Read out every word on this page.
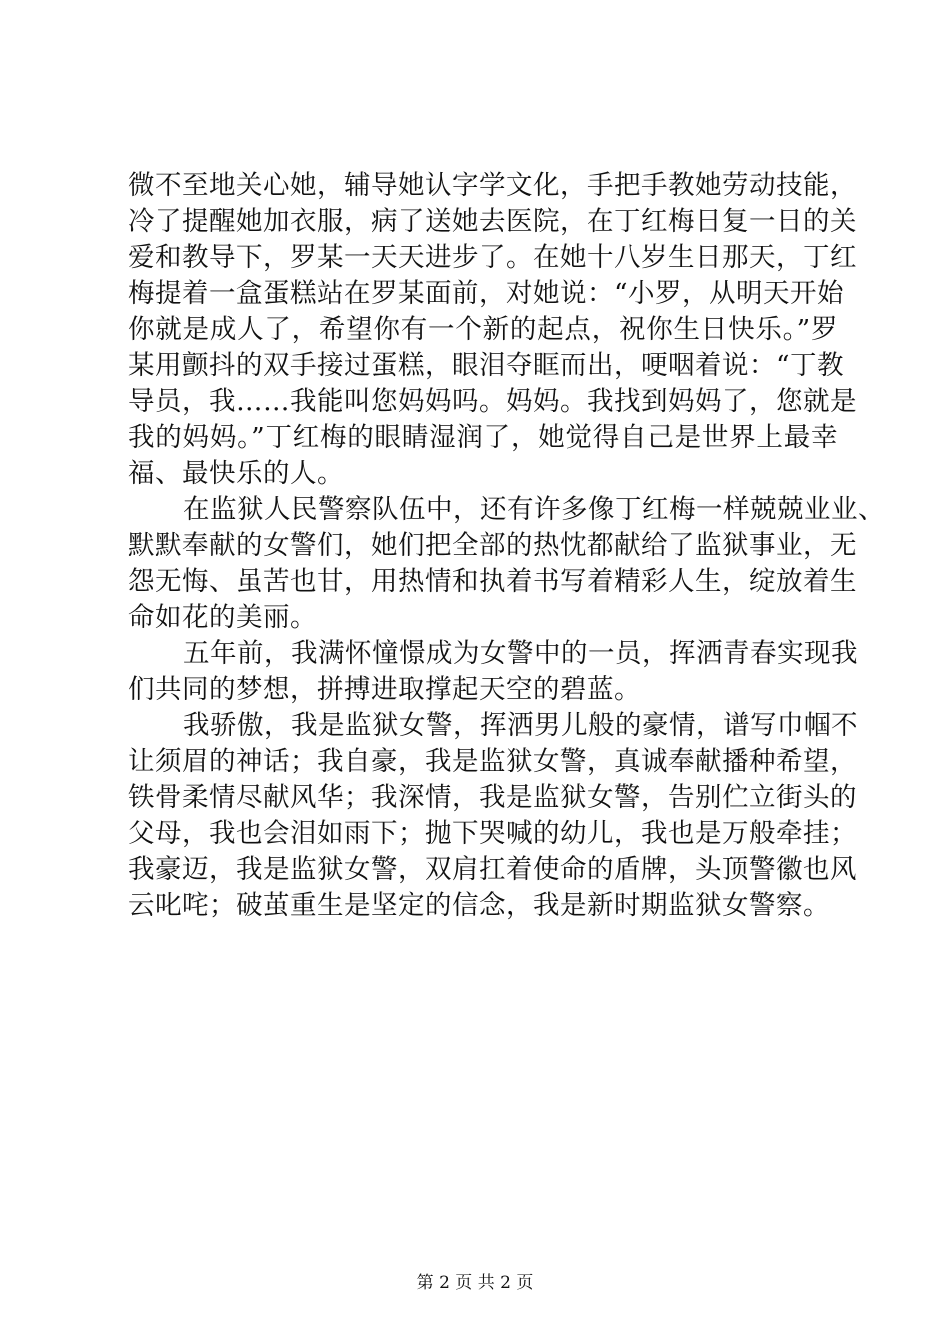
微不至地关心她，辅导她认字学文化，手把手教她劳动技能，
冷了提醒她加衣服，病了送她去医院，在丁红梅日复一日的关
爱和教导下，罗某一天天进步了。在她十八岁生日那天，丁红
梅提着一盒蛋糕站在罗某面前，对她说：“小罗，从明天开始
你就是成人了，希望你有一个新的起点，祝你生日快乐。”罗
某用颤抖的双手接过蛋糕，眼泪夺眶而出，哽咽着说：“丁教
导员，我……我能叫您妈妈吗。妈妈。我找到妈妈了，您就是
我的妈妈。”丁红梅的眼睛湿润了，她觉得自己是世界上最幸
福、最快乐的人。
在监狱人民警察队伍中，还有许多像丁红梅一样兢兢业业、
默默奉献的女警们，她们把全部的热忱都献给了监狱事业，无
怨无悔、虽苦也甘，用热情和执着书写着精彩人生，绽放着生
命如花的美丽。
五年前，我满怀憧憬成为女警中的一员，挥洒青春实现我
们共同的梦想，拼搏进取撑起天空的碧蓝。
我骄傲，我是监狱女警，挥洒男儿般的豪情，谱写巾帼不
让须眉的神话；我自豪，我是监狱女警，真诚奉献播种希望，
铁骨柔情尽献风华；我深情，我是监狱女警，告别伫立街头的
父母，我也会泪如雨下；抛下哭喊的幼儿，我也是万般牵挂；
我豪迈，我是监狱女警，双肩扛着使命的盾牌，头顶警徽也风
云叱咤；破茧重生是坚定的信念，我是新时期监狱女警察。
第 2 页 共 2 页
